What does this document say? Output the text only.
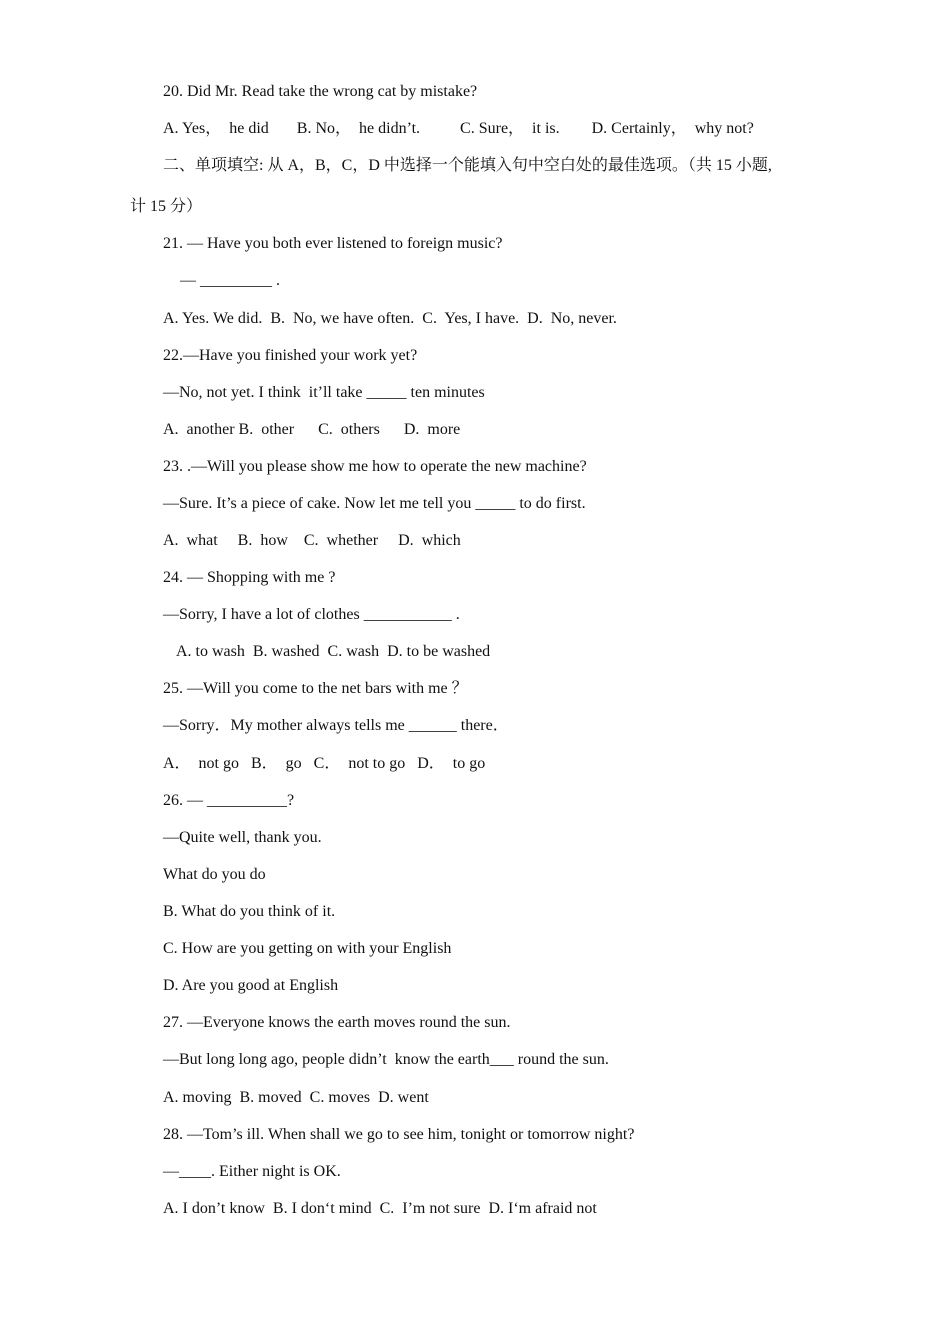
20. Did Mr. Read take the wrong cat by mistake?

A. Yes，  he did       B. No，  he didn’t.          C. Sure，  it is.        D. Certainly，  why not?

二、单项填空: 从 A，B，C，D 中选择一个能填入句中空白处的最佳选项。（共 15 小题,

计 15 分）

21. — Have you both ever listened to foreign music?

— _________ .

A. Yes. We did.  B.  No, we have often.  C.  Yes, I have.  D.  No, never.

22.—Have you finished your work yet?

—No, not yet. I think  it’ll take _____ ten minutes

A.  another B.  other      C.  others      D.  more

23. .—Will you please show me how to operate the new machine?

—Sure. It’s a piece of cake. Now let me tell you _____ to do first.

A.  what     B.  how    C.  whether     D.  which

24. — Shopping with me ?

—Sorry, I have a lot of clothes ___________ .

A. to wash  B. washed  C. wash  D. to be washed

25. —Will you come to the net bars with me ？

—Sorry．My mother always tells me ______ there．

A．  not go   B．  go   C．  not to go   D．  to go

26. — __________?

—Quite well, thank you.

What do you do

B. What do you think of it.

C. How are you getting on with your English

D. Are you good at English

27. —Everyone knows the earth moves round the sun.

—But long long ago, people didn’t  know the earth___ round the sun.

A. moving  B. moved  C. moves  D. went

28. —Tom’s ill. When shall we go to see him, tonight or tomorrow night?

—____. Either night is OK.

A. I don’t know  B. I don‘t mind  C.  I’m not sure  D. I‘m afraid not
